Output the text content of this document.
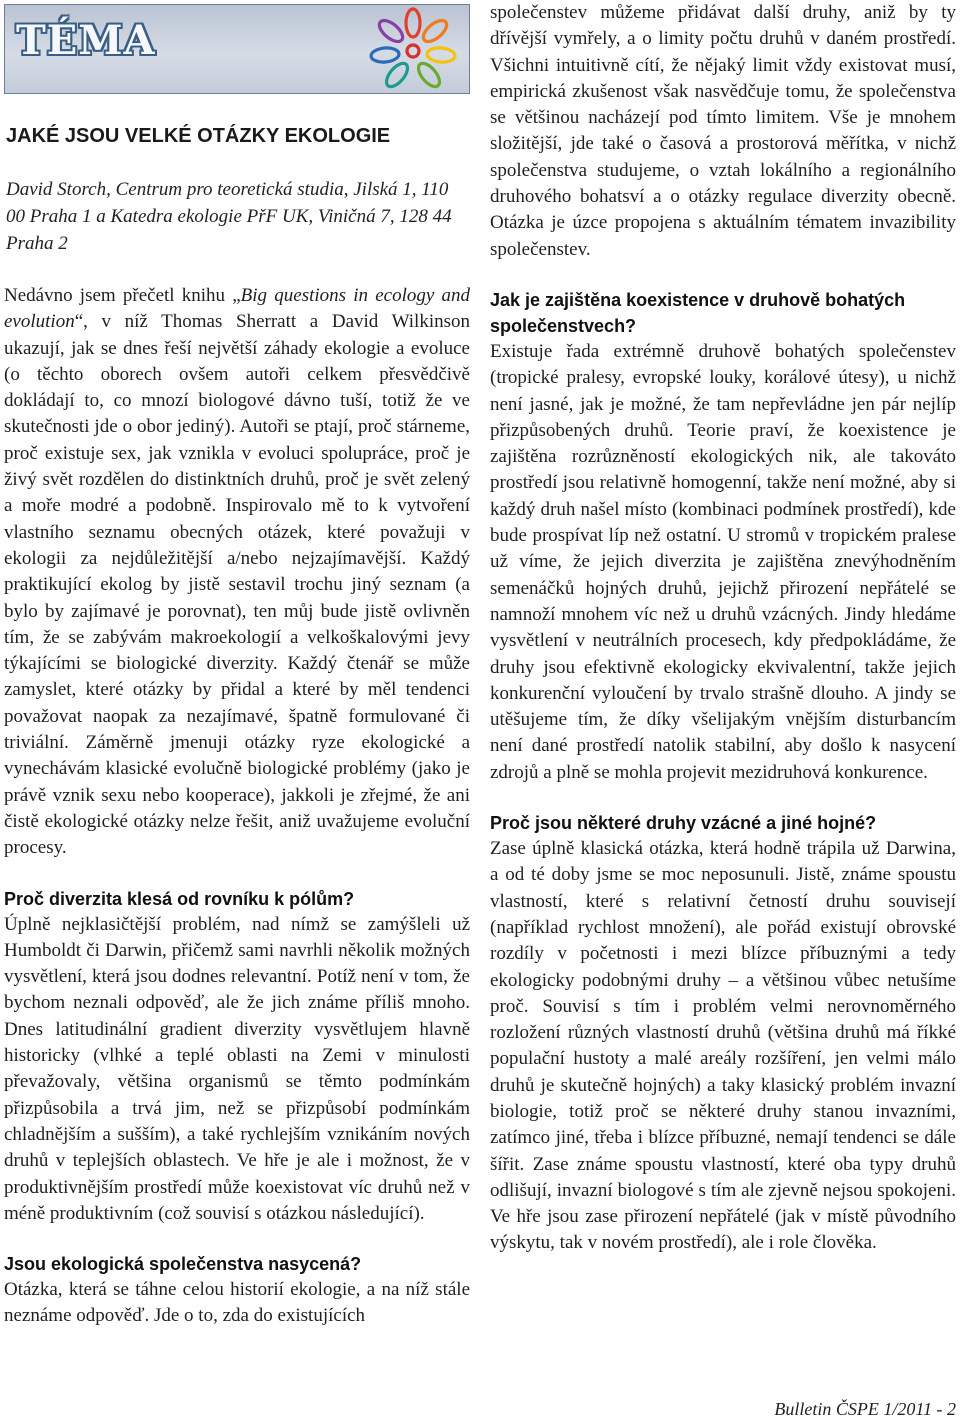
TÉMA
JAKÉ JSOU VELKÉ OTÁZKY EKOLOGIE
David Storch, Centrum pro teoretická studia, Jilská 1, 110 00 Praha 1 a Katedra ekologie PřF UK, Viničná 7, 128 44 Praha 2

Nedávno jsem přečetl knihu „Big questions in ecology and evolution“, v níž Thomas Sherratt a David Wilkinson ukazují, jak se dnes řeší největší záhady ekologie a evoluce (o těchto oborech ovšem autoři celkem přesvědčivě dokládají to, co mnozí biologové dávno tuší, totiž že ve skutečnosti jde o obor jediný). Autoři se ptají, proč stárneme, proč existuje sex, jak vznikla v evoluci spolupráce, proč je živý svět rozdělen do distinktních druhů, proč je svět zelený a moře modré a podobně. Inspirovalo mě to k vytvoření vlastního seznamu obecných otázek, které považuji v ekologii za nejdůležitější a/nebo nejzajímavější. Každý praktikující ekolog by jistě sestavil trochu jiný seznam (a bylo by zajímavé je porovnat), ten můj bude jistě ovlivněn tím, že se zabývám makroekologií a velkoškalovými jevy týkajícími se biologické diverzity. Každý čtenář se může zamyslet, které otázky by přidal a které by měl tendenci považovat naopak za nezajímavé, špatně formulované či triviální. Záměrně jmenuji otázky ryze ekologické a vynechávám klasické evolučně biologické problémy (jako je právě vznik sexu nebo kooperace), jakkoli je zřejmé, že ani čistě ekologické otázky nelze řešit, aniž uvažujeme evoluční procesy.

Proč diverzita klesá od rovníku k pólům?

Úplně nejklasičtější problém, nad nímž se zamýšleli už Humboldt či Darwin, přičemž sami navrhli několik možných vysvětlení, která jsou dodnes relevantní. Potíž není v tom, že bychom neznali odpověď, ale že jich známe příliš mnoho. Dnes latitudinální gradient diverzity vysvětlujem hlavně historicky (vlhké a teplé oblasti na Zemi v minulosti převažovaly, většina organismů se těmto podmínkám přizpůsobila a trvá jim, než se přizpůsobí podmínkám chladnějším a sušším), a také rychlejším vznikáním nových druhů v teplejších oblastech. Ve hře je ale i možnost, že v produktivnějším prostředí může koexistovat víc druhů než v méně produktivním (což souvisí s otázkou následující).

Jsou ekologická společenstva nasycená?

Otázka, která se táhne celou historií ekologie, a na níž stále neznáme odpověď. Jde o to, zda do existujících

společenstev můžeme přidávat další druhy, aniž by ty dřívější vymřely, a o limity počtu druhů v daném prostředí. Všichni intuitivně cítí, že nějaký limit vždy existovat musí, empirická zkušenost však nasvědčuje tomu, že společenstva se většinou nacházejí pod tímto limitem. Vše je mnohem složitější, jde také o časová a prostorová měřítka, v nichž společenstva studujeme, o vztah lokálního a regionálního druhového bohatsví a o otázky regulace diverzity obecně. Otázka je úzce propojena s aktuálním tématem invazibility společenstev.

Jak je zajištěna koexistence v druhově bohatých společenstvech?

Existuje řada extrémně druhově bohatých společenstev (tropické pralesy, evropské louky, korálové útesy), u nichž není jasné, jak je možné, že tam nepřevládne jen pár nejlíp přizpůsobených druhů. Teorie praví, že koexistence je zajištěna rozrůzněností ekologických nik, ale takováto prostředí jsou relativně homogenní, takže není možné, aby si každý druh našel místo (kombinaci podmínek prostředí), kde bude prospívat líp než ostatní. U stromů v tropickém pralese už víme, že jejich diverzita je zajištěna znevýhodněním semenáčků hojných druhů, jejichž přirození nepřátelé se namnoží mnohem víc než u druhů vzácných. Jindy hledáme vysvětlení v neutrálních procesech, kdy předpokládáme, že druhy jsou efektivně ekologicky ekvivalentní, takže jejich konkurenční vyloučení by trvalo strašně dlouho. A jindy se utěšujeme tím, že díky všelijakým vnějším disturbancím není dané prostředí natolik stabilní, aby došlo k nasycení zdrojů a plně se mohla projevit mezidruhová konkurence.

Proč jsou některé druhy vzácné a jiné hojné?

Zase úplně klasická otázka, která hodně trápila už Darwina, a od té doby jsme se moc neposunuli. Jistě, známe spoustu vlastností, které s relativní četností druhu souvisejí (například rychlost množení), ale pořád existují obrovské rozdíly v početnosti i mezi blízce příbuznými a tedy ekologicky podobnými druhy – a většinou vůbec netušíme proč. Souvisí s tím i problém velmi nerovnoměrného rozložení různých vlastností druhů (většina druhů má říkké populační hustoty a malé areály rozšíření, jen velmi málo druhů je skutečně hojných) a taky klasický problém invazní biologie, totiž proč se některé druhy stanou invazními, zatímco jiné, třeba i blízce příbuzné, nemají tendenci se dále šířit. Zase známe spoustu vlastností, které oba typy druhů odlišují, invazní biologové s tím ale zjevně nejsou spokojeni. Ve hře jsou zase přirození nepřátelé (jak v místě původního výskytu, tak v novém prostředí), ale i role člověka.

Bulletin ČSPE 1/2011 - 2
